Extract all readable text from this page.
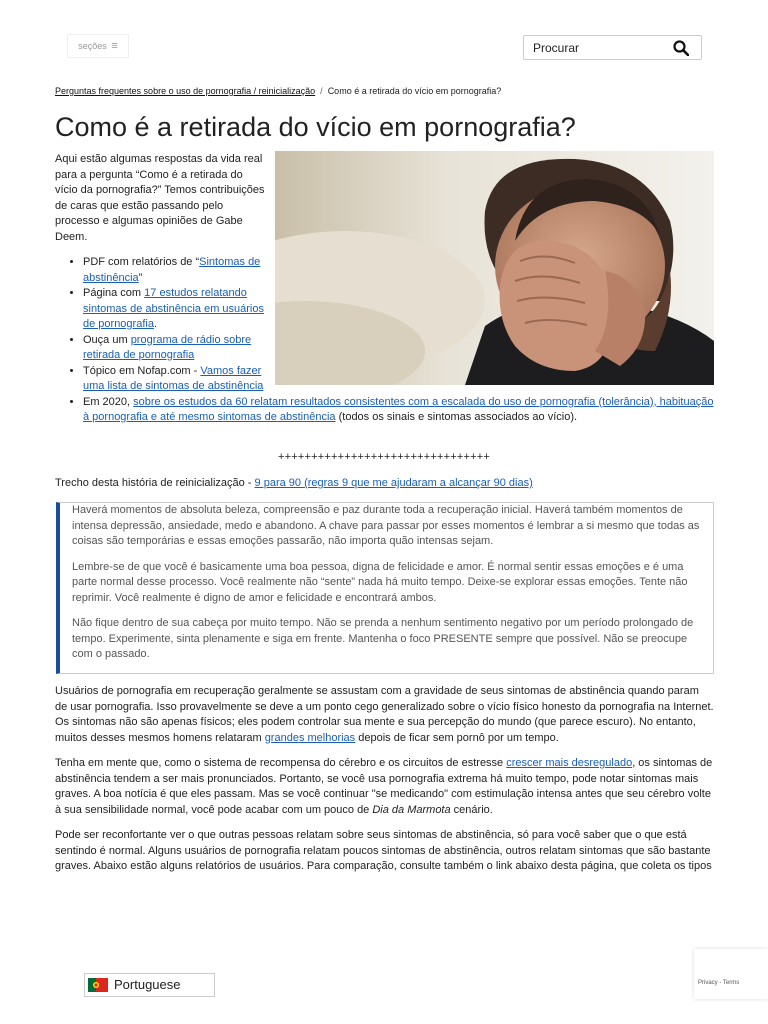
seções ≡
Procurar
Perguntas frequentes sobre o uso de pornografia / reinicialização / Como é a retirada do vício em pornografia?
Como é a retirada do vício em pornografia?

Aqui estão algumas respostas da vida real para a pergunta “Como é a retirada do vício da pornografia?” Temos contribuições de caras que estão passando pelo processo e algumas opiniões de Gabe Deem.

• PDF com relatórios de “Sintomas de abstinência”
• Página com 17 estudos relatando sintomas de abstinência em usuários de pornografia.
• Ouça um programa de rádio sobre retirada de pornografia
• Tópico em Nofap.com - Vamos fazer uma lista de sintomas de abstinência
• Em 2020, sobre os estudos da 60 relatam resultados consistentes com a escalada do uso de pornografia (tolerância), habituação à pornografia e até mesmo sintomas de abstinência (todos os sinais e sintomas associados ao vício).
++++++++++++++++++++++++++++++++
Trecho desta história de reinicialização - 9 para 90 (regras 9 que me ajudaram a alcançar 90 dias)

Haverá momentos de absoluta beleza, compreensão e paz durante toda a recuperação inicial. Haverá também momentos de intensa depressão, ansiedade, medo e abandono. A chave para passar por esses momentos é lembrar a si mesmo que todas as coisas são temporárias e essas emoções passarão, não importa quão intensas sejam.

Lembre-se de que você é basicamente uma boa pessoa, digna de felicidade e amor. É normal sentir essas emoções e é uma parte normal desse processo. Você realmente não “sente” nada há muito tempo. Deixe-se explorar essas emoções. Tente não reprimir. Você realmente é digno de amor e felicidade e encontrará ambos.

Não fique dentro de sua cabeça por muito tempo. Não se prenda a nenhum sentimento negativo por um período prolongado de tempo. Experimente, sinta plenamente e siga em frente. Mantenha o foco PRESENTE sempre que possível. Não se preocupe com o passado.

Usuários de pornografia em recuperação geralmente se assustam com a gravidade de seus sintomas de abstinência quando param de usar pornografia. Isso provavelmente se deve a um ponto cego generalizado sobre o vício físico honesto da pornografia na Internet. Os sintomas não são apenas físicos; eles podem controlar sua mente e sua percepção do mundo (que parece escuro). No entanto, muitos desses mesmos homens relataram grandes melhorias depois de ficar sem pornô por um tempo.

Tenha em mente que, como o sistema de recompensa do cérebro e os circuitos de estresse crescer mais desregulado, os sintomas de abstinência tendem a ser mais pronunciados. Portanto, se você usa pornografia extrema há muito tempo, pode notar sintomas mais graves. A boa notícia é que eles passam. Mas se você continuar "se medicando" com estimulação intensa antes que seu cérebro volte à sua sensibilidade normal, você pode acabar com um pouco de Dia da Marmota cenário.

Pode ser reconfortante ver o que outras pessoas relatam sobre seus sintomas de abstinência, só para você saber que o que está sentindo é normal. Alguns usuários de pornografia relatam poucos sintomas de abstinência, outros relatam sintomas que são bastante graves. Abaixo estão alguns relatórios de usuários. Para comparação, consulte também o link abaixo desta página, que coleta os tipos

Portuguese	Privacy - Terms
